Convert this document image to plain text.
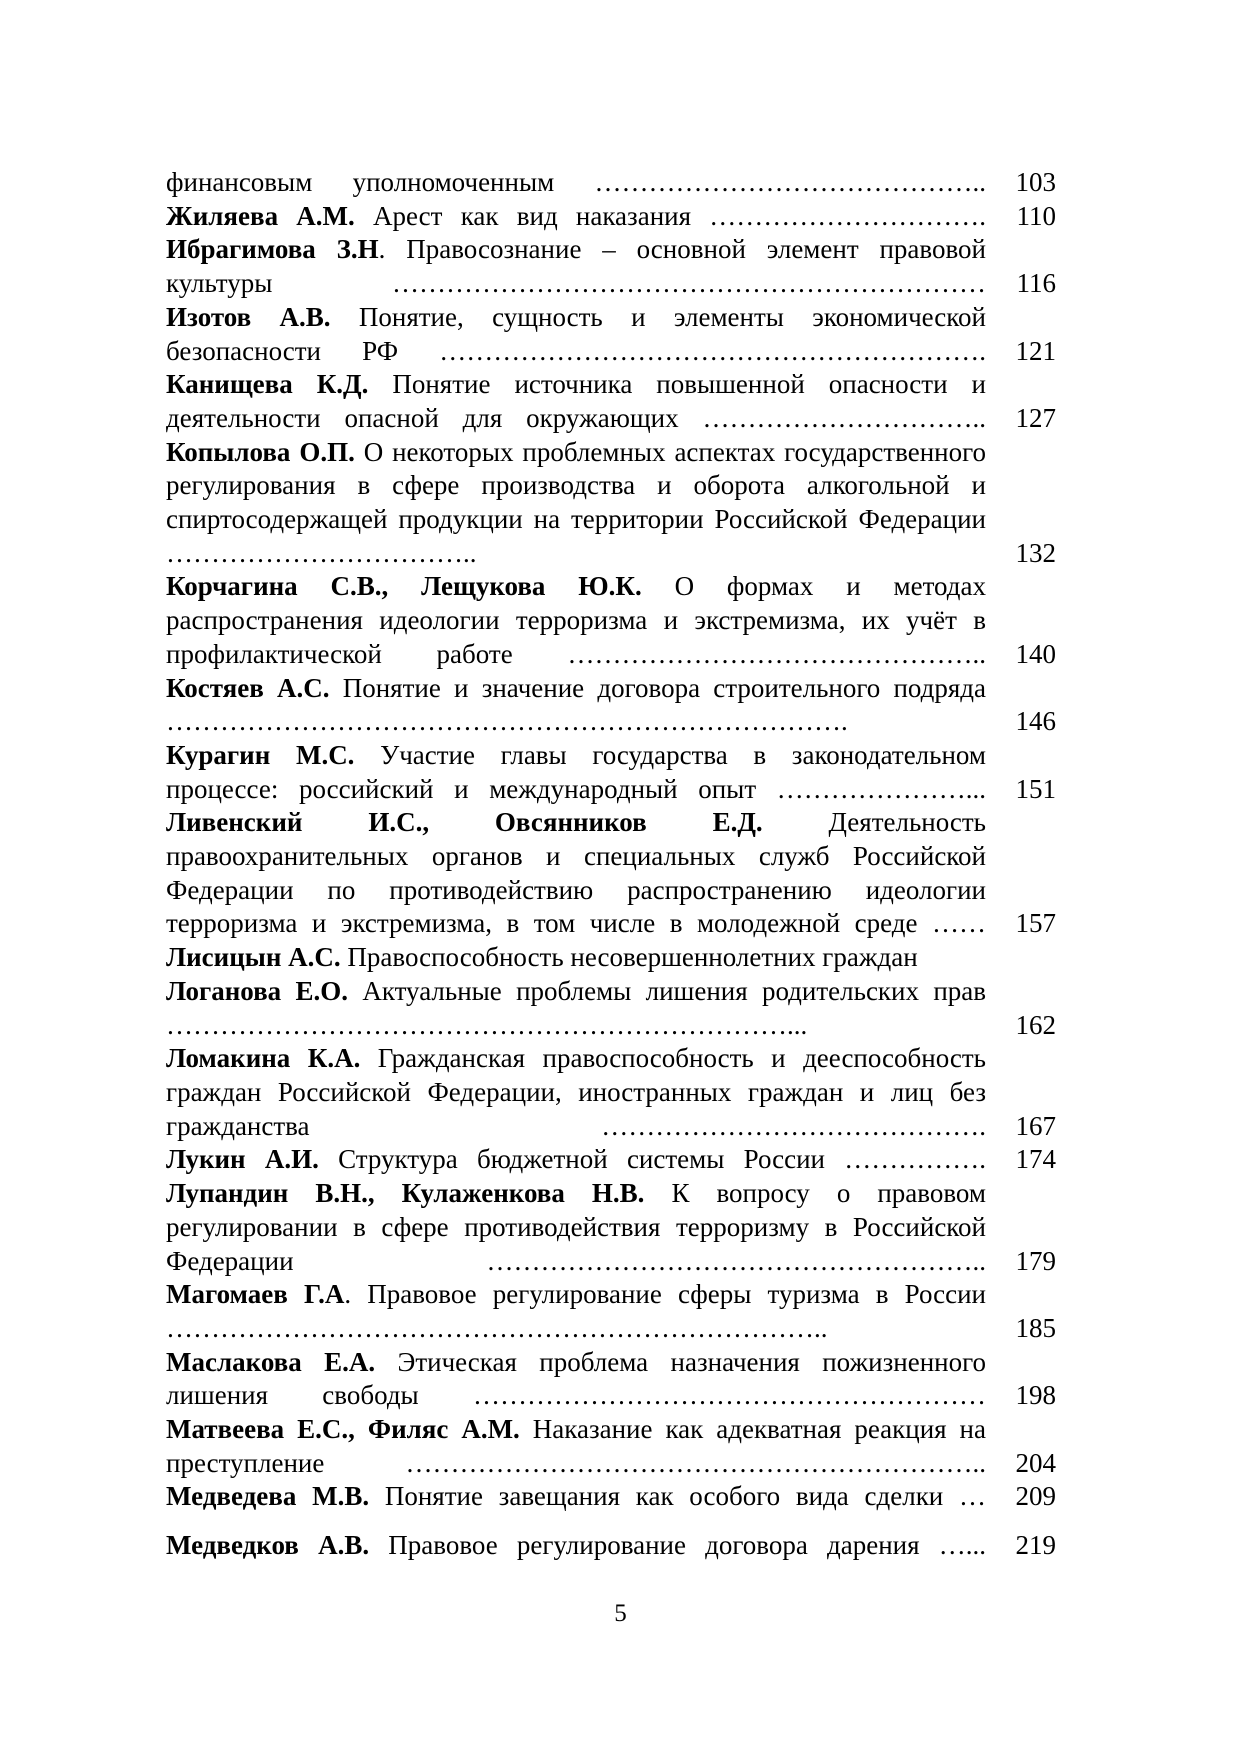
финансовым уполномоченным ……………………………………..	103
Жиляева А.М. Арест как вид наказания ………………………….	110
Ибрагимова З.Н. Правосознание – основной элемент правовой культуры …………………………………………………………	116
Изотов А.В. Понятие, сущность и элементы экономической безопасности РФ …………………………………………………….	121
Канищева К.Д. Понятие источника повышенной опасности и деятельности опасной для окружающих …………………………..	127
Копылова О.П. О некоторых проблемных аспектах государственного регулирования в сфере производства и оборота алкогольной и спиртосодержащей продукции на территории Российской Федерации ……………………………..	132
Корчагина С.В., Лещукова Ю.К. О формах и методах распространения идеологии терроризма и экстремизма, их учёт в профилактической работе ………………………………………..	140
Костяев А.С. Понятие и значение договора строительного подряда ………………………………………………………………….	146
Курагин М.С. Участие главы государства в законодательном процессе: российский и международный опыт …………………...	151
Ливенский И.С., Овсянников Е.Д. Деятельность правоохранительных органов и специальных служб Российской Федерации по противодействию распространению идеологии терроризма и экстремизма, в том числе в молодежной среде ……	157
Лисицын А.С. Правоспособность несовершеннолетних граждан
Логанова Е.О. Актуальные проблемы лишения родительских прав ……………………………………………………………...	162
Ломакина К.А. Гражданская правоспособность и дееспособность граждан Российской Федерации, иностранных граждан и лиц без гражданства …………………………………….	167
Лукин А.И. Структура бюджетной системы России …………….	174
Лупандин В.Н., Кулаженкова Н.В. К вопросу о правовом регулировании в сфере противодействия терроризму в Российской Федерации ………………………………………………..	179
Магомаев Г.А. Правовое регулирование сферы туризма в России ………………………………………………………………..	185
Маслакова Е.А. Этическая проблема назначения пожизненного лишения свободы …………………………………………………	198
Матвеева Е.С., Филяс А.М. Наказание как адекватная реакция на преступление ………………………………………………………..	204
Медведева М.В. Понятие завещания как особого вида сделки …	209
Медведков А.В. Правовое регулирование договора дарения …...	219
5
